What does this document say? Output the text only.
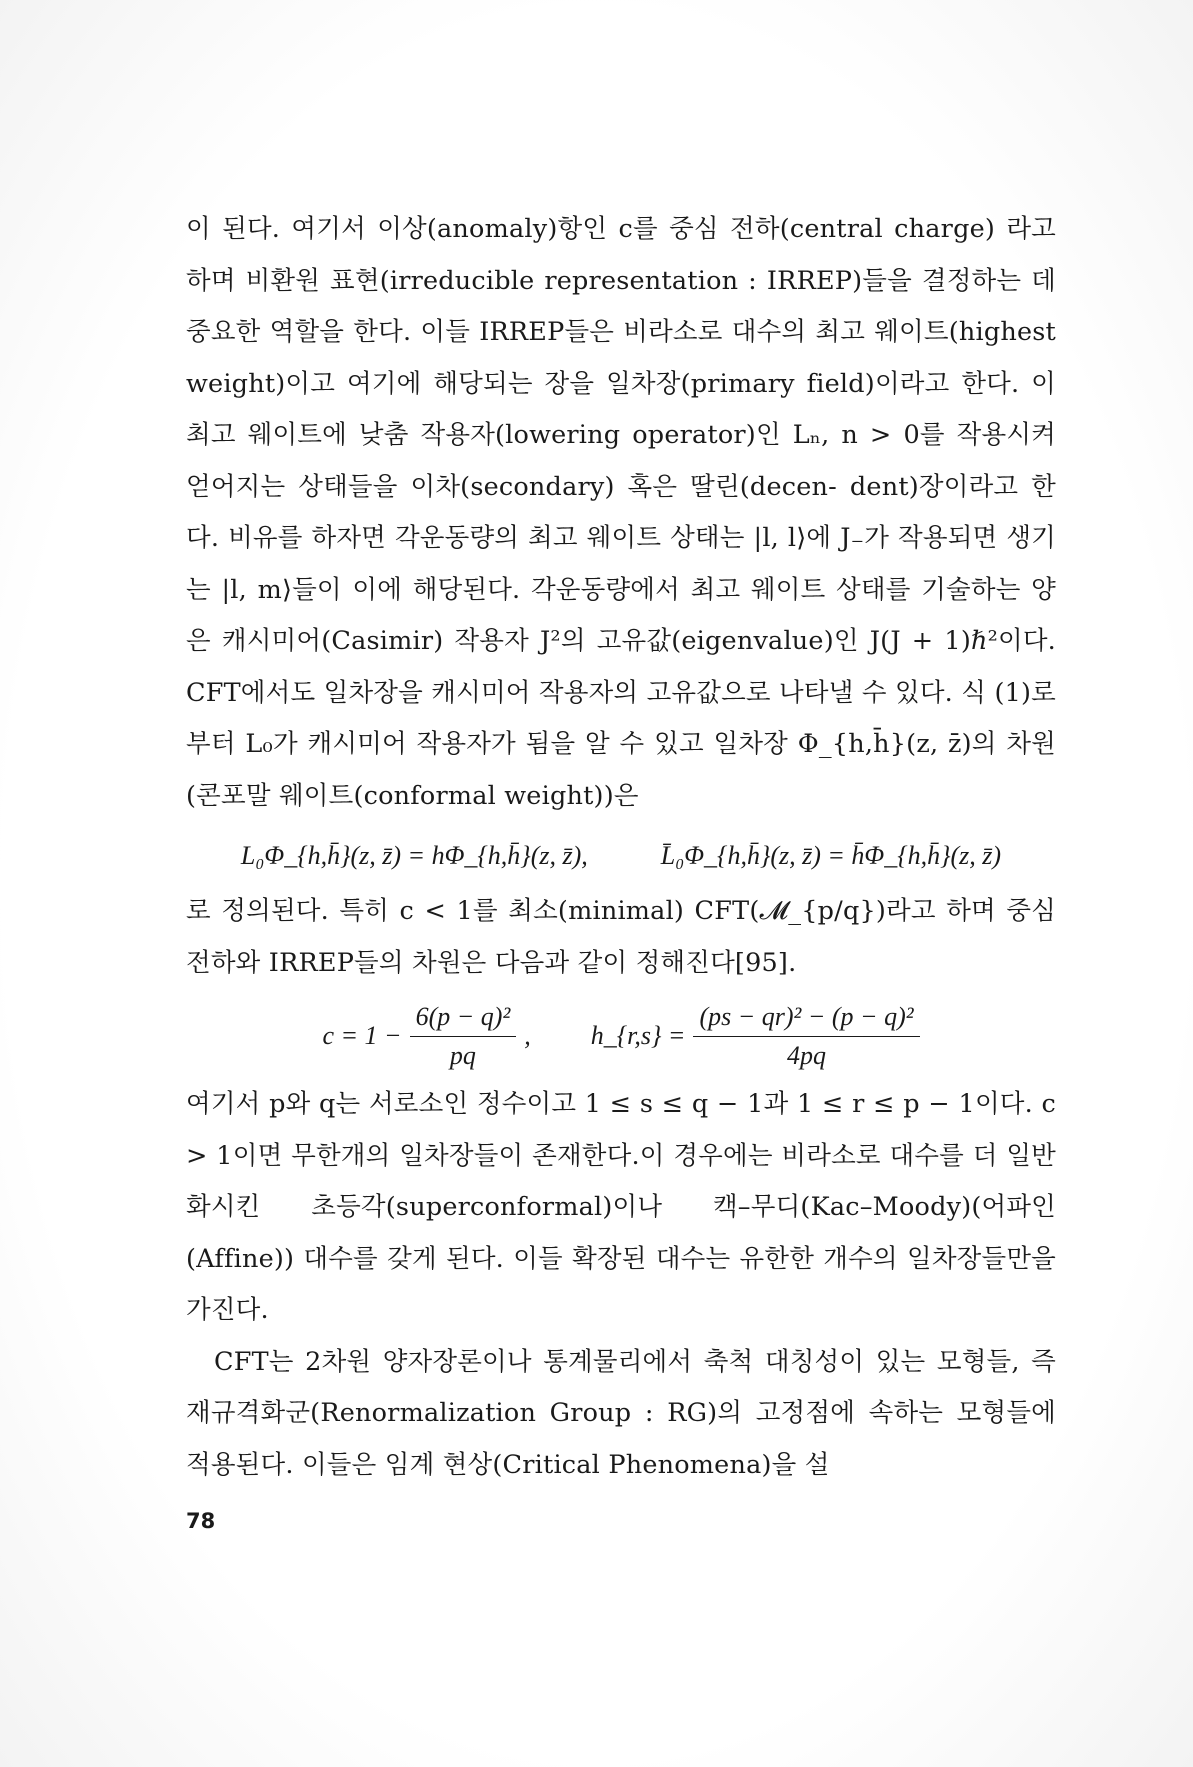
이 된다. 여기서 이상(anomaly)항인 c를 중심 전하(central charge) 라고 하며 비환원 표현(irreducible representation : IRREP)들을 결정하는 데 중요한 역할을 한다. 이들 IRREP들은 비라소로 대수의 최고 웨이트(highest weight)이고 여기에 해당되는 장을 일차장(primary field)이라고 한다. 이 최고 웨이트에 낮춤 작용자(lowering operator)인 Lₙ, n > 0를 작용시켜 얻어지는 상태들을 이차(secondary) 혹은 딸린(decen- dent)장이라고 한다. 비유를 하자면 각운동량의 최고 웨이트 상태는 |l, l⟩에 J₋가 작용되면 생기는 |l, m⟩들이 이에 해당된다. 각운동량에서 최고 웨이트 상태를 기술하는 양은 캐시미어(Casimir) 작용자 J²의 고유값(eigenvalue)인 J(J + 1)ℏ²이다. CFT에서도 일차장을 캐시미어 작용자의 고유값으로 나타낼 수 있다. 식 (1)로부터 L₀가 캐시미어 작용자가 됨을 알 수 있고 일차장 Φ_{h,h̄}(z, z̄)의 차원(콘포말 웨이트(conformal weight))은

L₀Φ_{h,h̄}(z, z̄) = hΦ_{h,h̄}(z, z̄),	L̄₀Φ_{h,h̄}(z, z̄) = h̄Φ_{h,h̄}(z, z̄)

로 정의된다. 특히 c < 1를 최소(minimal) CFT(𝓜_{p/q})라고 하며 중심 전하와 IRREP들의 차원은 다음과 같이 정해진다[95].

$c = 1 - \frac{\text{6(p − q)²}}{pq}$ , h_{r,s} = $\frac{\text{(ps − qr)² − (p − q)²}}{4pq}$

여기서 p와 q는 서로소인 정수이고 1 ≤ s ≤ q − 1과 1 ≤ r ≤ p − 1이다. c > 1이면 무한개의 일차장들이 존재한다.이 경우에는 비라소로 대수를 더 일반화시킨 초등각(superconformal)이나 캑–무디(Kac–Moody)(어파인(Affine)) 대수를 갖게 된다. 이들 확장된 대수는 유한한 개수의 일차장들만을 가진다.

CFT는 2차원 양자장론이나 통계물리에서 축척 대칭성이 있는 모형들, 즉 재규격화군(Renormalization Group : RG)의 고정점에 속하는 모형들에 적용된다. 이들은 임계 현상(Critical Phenomena)을 설

78
